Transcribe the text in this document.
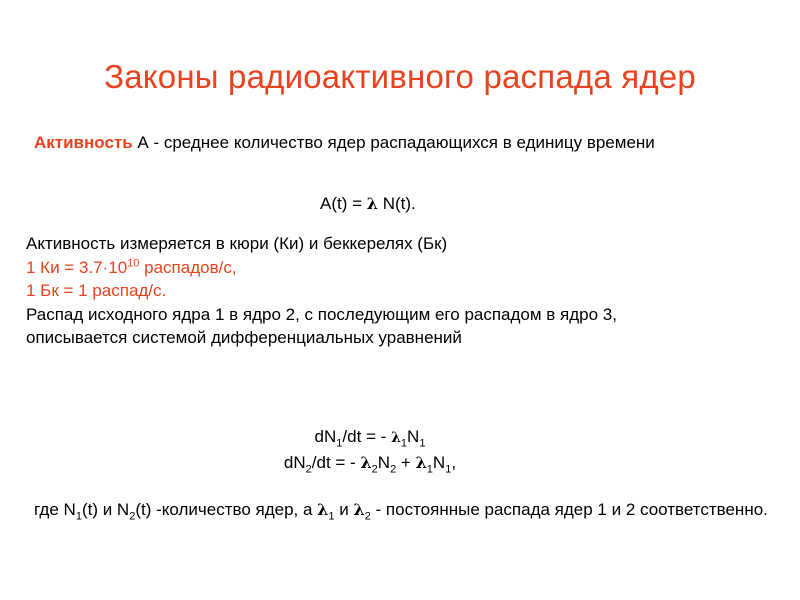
Законы радиоактивного распада ядер
Активность А - среднее количество ядер распадающихся в единицу времени
A(t) = λ N(t).
Активность измеряется в кюри (Ки) и беккерелях (Бк)
1 Ки = $3.7\cdot 10^{10}$ распадов/с,
1 Бк = 1 распад/с.
Распад исходного ядра 1 в ядро 2, с последующим его распадом в ядро 3,
описывается системой дифференциальных уравнений
$dN_1/dt$ = - $\lambda_1N_1$
$dN_2/dt$ = - $\lambda_2N_2 + \lambda_1N_1$,
где $N_1(t)$ и $N_2(t)$ -количество ядер, а $\lambda_1$ и $\lambda_2$ - постоянные распада ядер 1 и 2 соответственно.
